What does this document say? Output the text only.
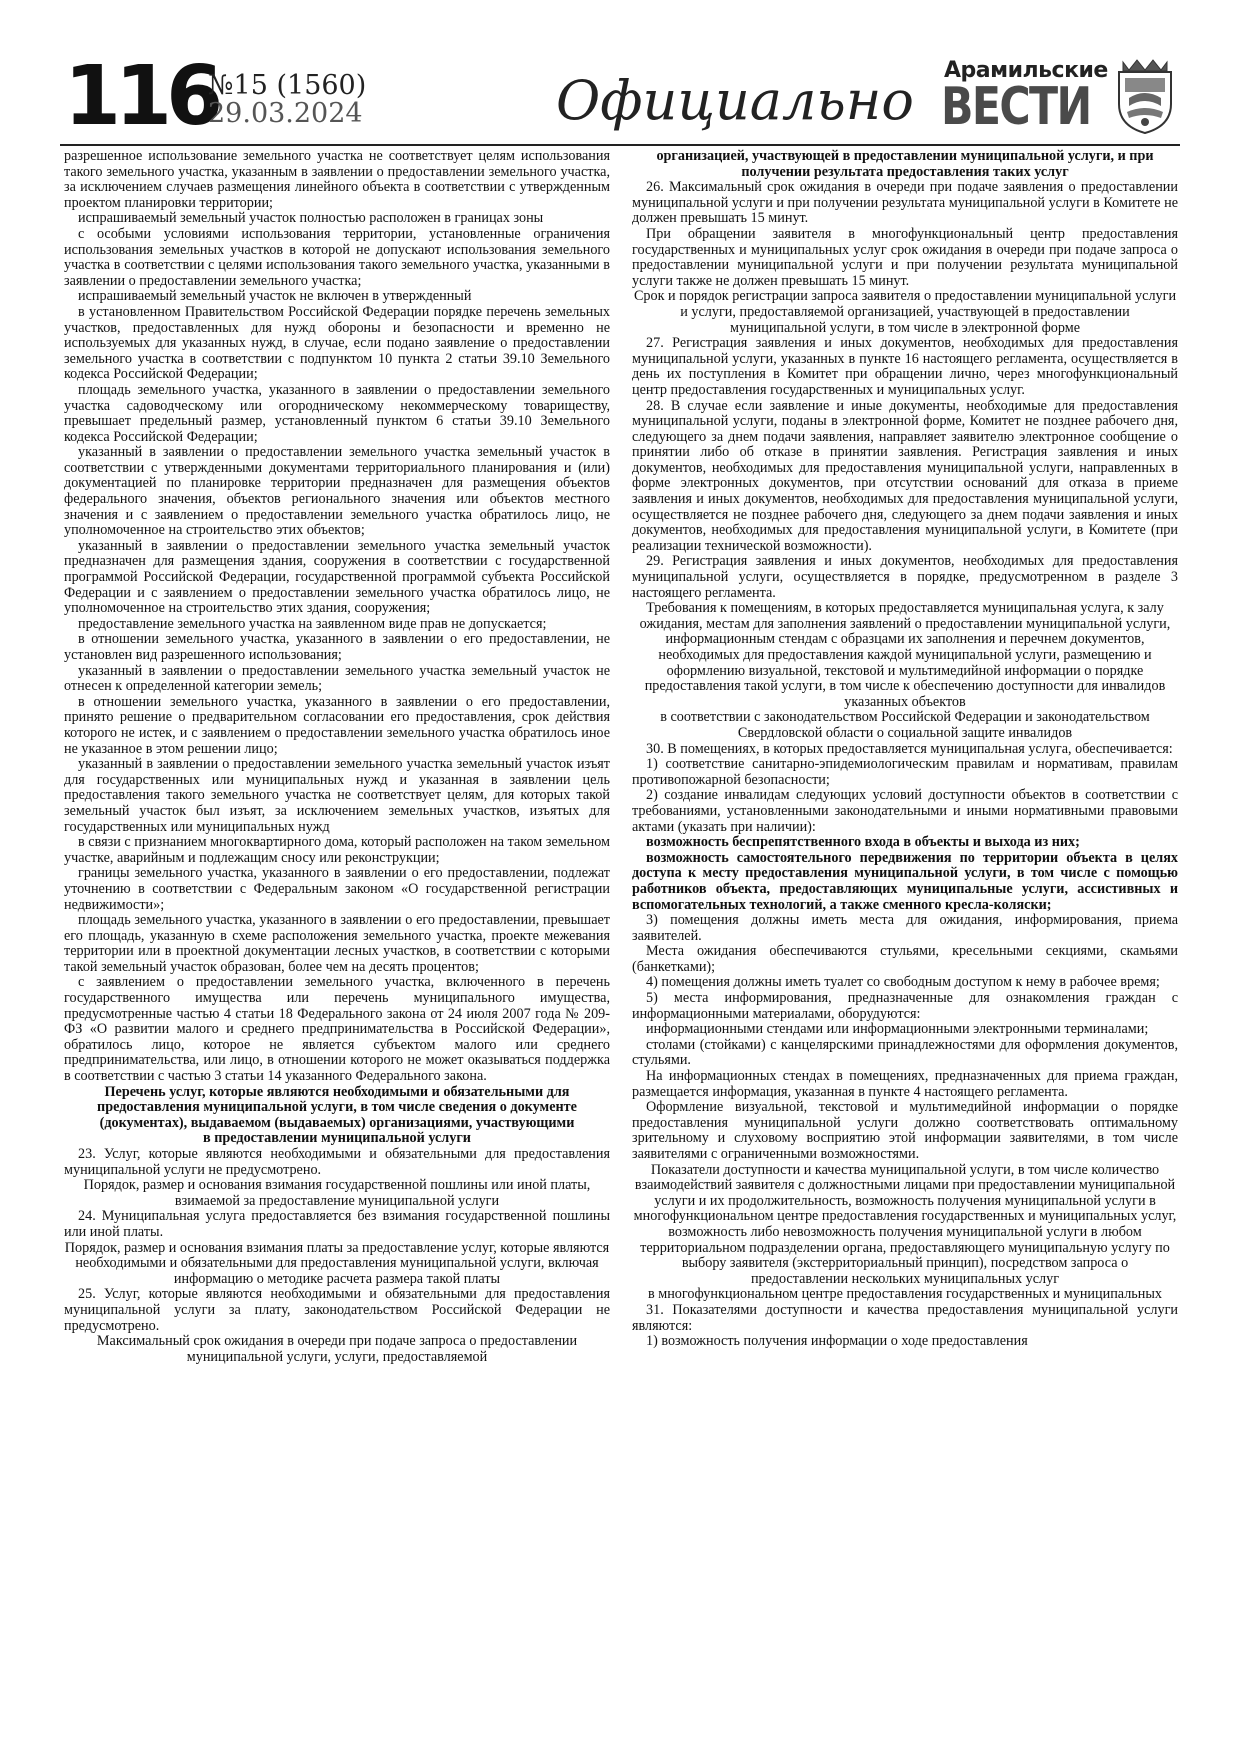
116
№15 (1560)
29.03.2024	Официально Арамильские
ВЕСТИ

разрешенное использование земельного участка не соответствует целям использования такого земельного участка, указанным в заявлении о предоставлении земельного участка, за исключением случаев размещения линейного объекта в соответствии с утвержденным проектом планировки территории;

испрашиваемый земельный участок полностью расположен в границах зоны

с особыми условиями использования территории, установленные ограничения использования земельных участков в которой не допускают использования земельного участка в соответствии с целями использования такого земельного участка, указанными в заявлении о предоставлении земельного участка;

испрашиваемый земельный участок не включен в утвержденный

в установленном Правительством Российской Федерации порядке перечень земельных участков, предоставленных для нужд обороны и безопасности и временно не используемых для указанных нужд, в случае, если подано заявление о предоставлении земельного участка в соответствии с подпунктом 10 пункта 2 статьи 39.10 Земельного кодекса Российской Федерации;

площадь земельного участка, указанного в заявлении о предоставлении земельного участка садоводческому или огородническому некоммерческому товариществу, превышает предельный размер, установленный пунктом 6 статьи 39.10 Земельного кодекса Российской Федерации;

указанный в заявлении о предоставлении земельного участка земельный участок в соответствии с утвержденными документами территориального планирования и (или) документацией по планировке территории предназначен для размещения объектов федерального значения, объектов регионального значения или объектов местного значения и с заявлением о предоставлении земельного участка обратилось лицо, не уполномоченное на строительство этих объектов;

указанный в заявлении о предоставлении земельного участка земельный участок предназначен для размещения здания, сооружения в соответствии с государственной программой Российской Федерации, государственной программой субъекта Российской Федерации и с заявлением о предоставлении земельного участка обратилось лицо, не уполномоченное на строительство этих здания, сооружения;

предоставление земельного участка на заявленном виде прав не допускается;

в отношении земельного участка, указанного в заявлении о его предоставлении, не установлен вид разрешенного использования;

указанный в заявлении о предоставлении земельного участка земельный участок не отнесен к определенной категории земель;

в отношении земельного участка, указанного в заявлении о его предоставлении, принято решение о предварительном согласовании его предоставления, срок действия которого не истек, и с заявлением о предоставлении земельного участка обратилось иное не указанное в этом решении лицо;

указанный в заявлении о предоставлении земельного участка земельный участок изъят для государственных или муниципальных нужд и указанная в заявлении цель предоставления такого земельного участка не соответствует целям, для которых такой земельный участок был изъят, за исключением земельных участков, изъятых для государственных или муниципальных нужд

в связи с признанием многоквартирного дома, который расположен на таком земельном участке, аварийным и подлежащим сносу или реконструкции;

границы земельного участка, указанного в заявлении о его предоставлении, подлежат уточнению в соответствии с Федеральным законом «О государственной регистрации недвижимости»;

площадь земельного участка, указанного в заявлении о его предоставлении, превышает его площадь, указанную в схеме расположения земельного участка, проекте межевания территории или в проектной документации лесных участков, в соответствии с которыми такой земельный участок образован, более чем на десять процентов;

с заявлением о предоставлении земельного участка, включенного в перечень государственного имущества или перечень муниципального имущества, предусмотренные частью 4 статьи 18 Федерального закона от 24 июля 2007 года № 209-ФЗ «О развитии малого и среднего предпринимательства в Российской Федерации», обратилось лицо, которое не является субъектом малого или среднего предпринимательства, или лицо, в отношении которого не может оказываться поддержка в соответствии с частью 3 статьи 14 указанного Федерального закона.

Перечень услуг, которые являются необходимыми и обязательными для предоставления муниципальной услуги, в том числе сведения о документе (документах), выдаваемом (выдаваемых) организациями, участвующими

в предоставлении муниципальной услуги

23. Услуг, которые являются необходимыми и обязательными для предоставления муниципальной услуги не предусмотрено.

Порядок, размер и основания взимания государственной пошлины или иной платы, взимаемой за предоставление муниципальной услуги

24. Муниципальная услуга предоставляется без взимания государственной пошлины или иной платы.

Порядок, размер и основания взимания платы за предоставление услуг, которые являются необходимыми и обязательными для предоставления муниципальной услуги, включая информацию о методике расчета размера такой платы

25. Услуг, которые являются необходимыми и обязательными для предоставления муниципальной услуги за плату, законодательством Российской Федерации не предусмотрено.

Максимальный срок ожидания в очереди при подаче запроса о предоставлении муниципальной услуги, услуги, предоставляемой

организацией, участвующей в предоставлении муниципальной услуги, и при получении результата предоставления таких услуг

26. Максимальный срок ожидания в очереди при подаче заявления о предоставлении муниципальной услуги и при получении результата муниципальной услуги в Комитете не должен превышать 15 минут.

При обращении заявителя в многофункциональный центр предоставления государственных и муниципальных услуг срок ожидания в очереди при подаче запроса о предоставлении муниципальной услуги и при получении результата муниципальной услуги также не должен превышать 15 минут.

Срок и порядок регистрации запроса заявителя о предоставлении муниципальной услуги и услуги, предоставляемой организацией, участвующей в предоставлении муниципальной услуги, в том числе в электронной форме

27. Регистрация заявления и иных документов, необходимых для предоставления муниципальной услуги, указанных в пункте 16 настоящего регламента, осуществляется в день их поступления в Комитет при обращении лично, через многофункциональный центр предоставления государственных и муниципальных услуг.

28. В случае если заявление и иные документы, необходимые для предоставления муниципальной услуги, поданы в электронной форме, Комитет не позднее рабочего дня, следующего за днем подачи заявления, направляет заявителю электронное сообщение о принятии либо об отказе в принятии заявления. Регистрация заявления и иных документов, необходимых для предоставления муниципальной услуги, направленных в форме электронных документов, при отсутствии оснований для отказа в приеме заявления и иных документов, необходимых для предоставления муниципальной услуги, осуществляется не позднее рабочего дня, следующего за днем подачи заявления и иных документов, необходимых для предоставления муниципальной услуги, в Комитете (при реализации технической возможности).

29. Регистрация заявления и иных документов, необходимых для предоставления муниципальной услуги, осуществляется в порядке, предусмотренном в разделе 3 настоящего регламента.

Требования к помещениям, в которых предоставляется муниципальная услуга, к залу ожидания, местам для заполнения заявлений о предоставлении муниципальной услуги, информационным стендам с образцами их заполнения и перечнем документов, необходимых для предоставления каждой муниципальной услуги, размещению и оформлению визуальной, текстовой и мультимедийной информации о порядке предоставления такой услуги, в том числе к обеспечению доступности для инвалидов указанных объектов

в соответствии с законодательством Российской Федерации и законодательством Свердловской области о социальной защите инвалидов

30. В помещениях, в которых предоставляется муниципальная услуга, обеспечивается:

1) соответствие санитарно-эпидемиологическим правилам и нормативам, правилам противопожарной безопасности;

2) создание инвалидам следующих условий доступности объектов в соответствии с требованиями, установленными законодательными и иными нормативными правовыми актами (указать при наличии):

возможность беспрепятственного входа в объекты и выхода из них;

возможность самостоятельного передвижения по территории объекта в целях доступа к месту предоставления муниципальной услуги, в том числе с помощью работников объекта, предоставляющих муниципальные услуги, ассистивных и вспомогательных технологий, а также сменного кресла-коляски;

3) помещения должны иметь места для ожидания, информирования, приема заявителей.

Места ожидания обеспечиваются стульями, кресельными секциями, скамьями (банкетками);

4) помещения должны иметь туалет со свободным доступом к нему в рабочее время;

5) места информирования, предназначенные для ознакомления граждан с информационными материалами, оборудуются:

информационными стендами или информационными электронными терминалами;

столами (стойками) с канцелярскими принадлежностями для оформления документов, стульями.

На информационных стендах в помещениях, предназначенных для приема граждан, размещается информация, указанная в пункте 4 настоящего регламента.

Оформление визуальной, текстовой и мультимедийной информации о порядке предоставления муниципальной услуги должно соответствовать оптимальному зрительному и слуховому восприятию этой информации заявителями, в том числе заявителями с ограниченными возможностями.

Показатели доступности и качества муниципальной услуги, в том числе количество взаимодействий заявителя с должностными лицами при предоставлении муниципальной услуги и их продолжительность, возможность получения муниципальной услуги в многофункциональном центре предоставления государственных и муниципальных услуг, возможность либо невозможность получения муниципальной услуги в любом территориальном подразделении органа, предоставляющего муниципальную услугу по выбору заявителя (экстерриториальный принцип), посредством запроса о предоставлении нескольких муниципальных услуг

в многофункциональном центре предоставления государственных и муниципальных

31. Показателями доступности и качества предоставления муниципальной услуги являются:

1) возможность получения информации о ходе предоставления
